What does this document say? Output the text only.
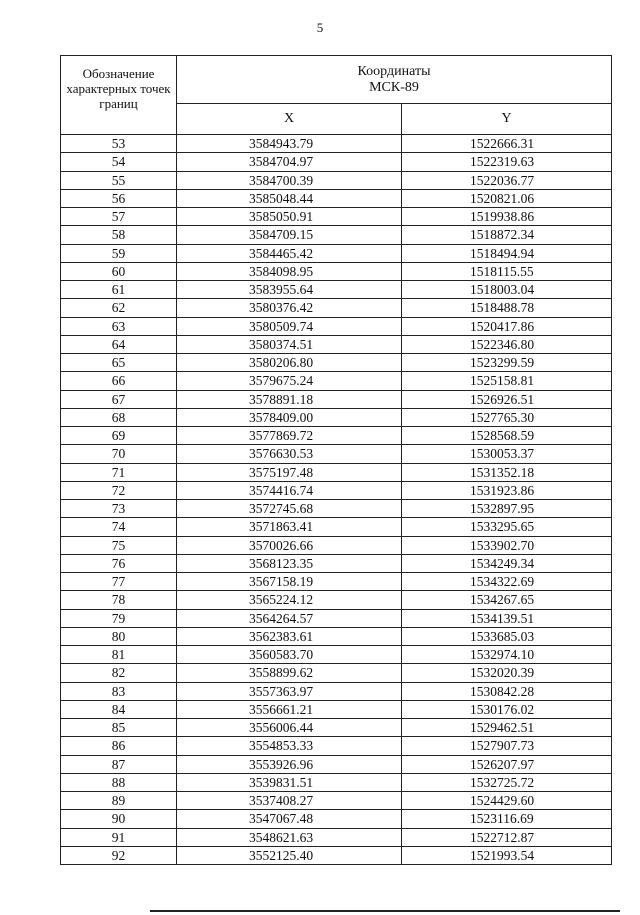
5
Обозначение характерных точек границ	Координаты
МСК-89	
	X	Y
53	3584943.79	1522666.31
54	3584704.97	1522319.63
55	3584700.39	1522036.77
56	3585048.44	1520821.06
57	3585050.91	1519938.86
58	3584709.15	1518872.34
59	3584465.42	1518494.94
60	3584098.95	1518115.55
61	3583955.64	1518003.04
62	3580376.42	1518488.78
63	3580509.74	1520417.86
64	3580374.51	1522346.80
65	3580206.80	1523299.59
66	3579675.24	1525158.81
67	3578891.18	1526926.51
68	3578409.00	1527765.30
69	3577869.72	1528568.59
70	3576630.53	1530053.37
71	3575197.48	1531352.18
72	3574416.74	1531923.86
73	3572745.68	1532897.95
74	3571863.41	1533295.65
75	3570026.66	1533902.70
76	3568123.35	1534249.34
77	3567158.19	1534322.69
78	3565224.12	1534267.65
79	3564264.57	1534139.51
80	3562383.61	1533685.03
81	3560583.70	1532974.10
82	3558899.62	1532020.39
83	3557363.97	1530842.28
84	3556661.21	1530176.02
85	3556006.44	1529462.51
86	3554853.33	1527907.73
87	3553926.96	1526207.97
88	3539831.51	1532725.72
89	3537408.27	1524429.60
90	3547067.48	1523116.69
91	3548621.63	1522712.87
92	3552125.40	1521993.54
